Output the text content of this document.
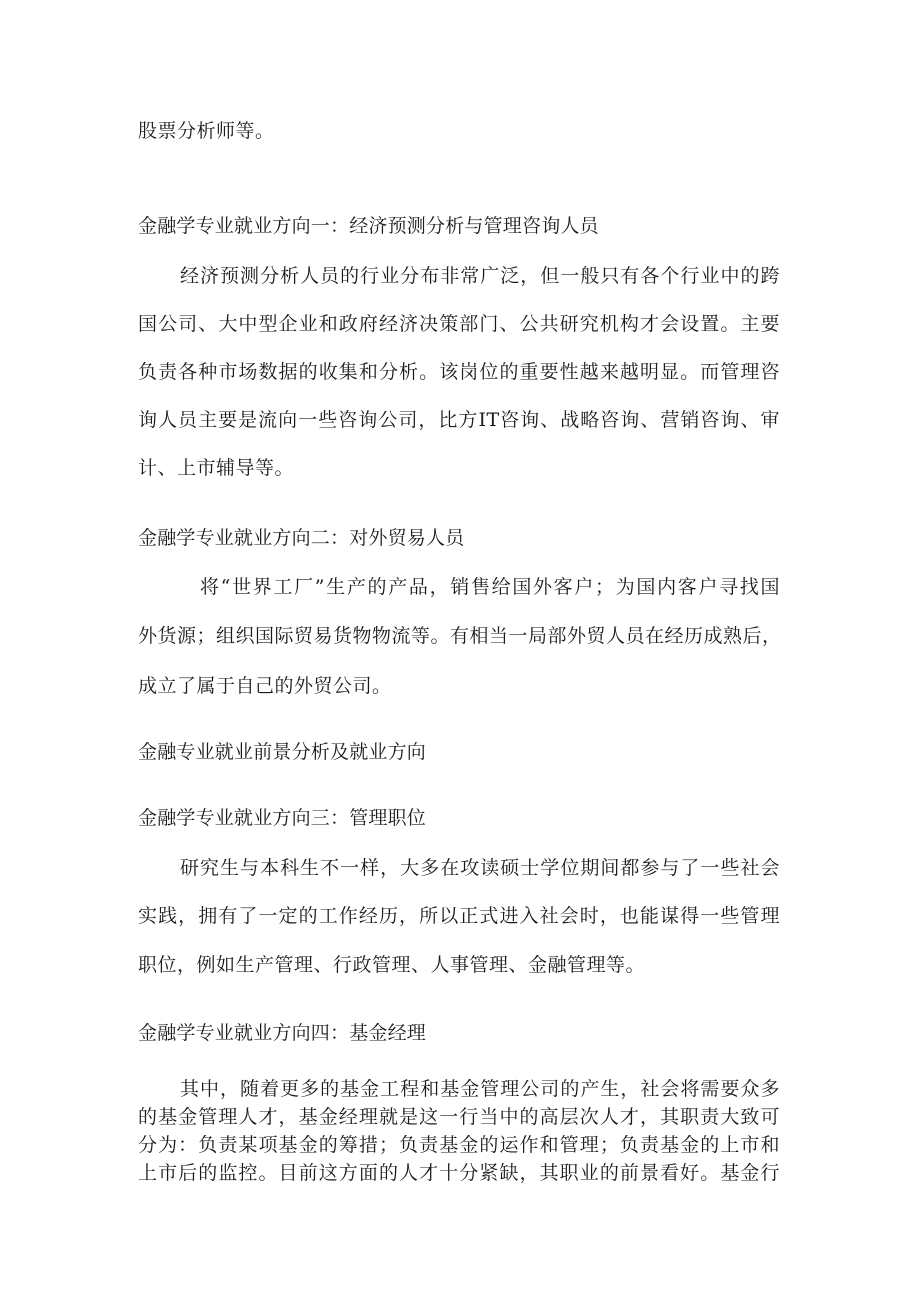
股票分析师等。
金融学专业就业方向一：经济预测分析与管理咨询人员
经济预测分析人员的行业分布非常广泛，但一般只有各个行业中的跨
国公司、大中型企业和政府经济决策部门、公共研究机构才会设置。主要
负责各种市场数据的收集和分析。该岗位的重要性越来越明显。而管理咨
询人员主要是流向一些咨询公司，比方IT咨询、战略咨询、营销咨询、审
计、上市辅导等。
金融学专业就业方向二：对外贸易人员
将“世界工厂”生产的产品，销售给国外客户；为国内客户寻找国
外货源；组织国际贸易货物物流等。有相当一局部外贸人员在经历成熟后，
成立了属于自己的外贸公司。
金融专业就业前景分析及就业方向
金融学专业就业方向三：管理职位
研究生与本科生不一样，大多在攻读硕士学位期间都参与了一些社会
实践，拥有了一定的工作经历，所以正式进入社会时，也能谋得一些管理
职位，例如生产管理、行政管理、人事管理、金融管理等。
金融学专业就业方向四：基金经理
其中，随着更多的基金工程和基金管理公司的产生，社会将需要众多
的基金管理人才，基金经理就是这一行当中的高层次人才，其职责大致可
分为：负责某项基金的筹措；负责基金的运作和管理；负责基金的上市和
上市后的监控。目前这方面的人才十分紧缺，其职业的前景看好。基金行
